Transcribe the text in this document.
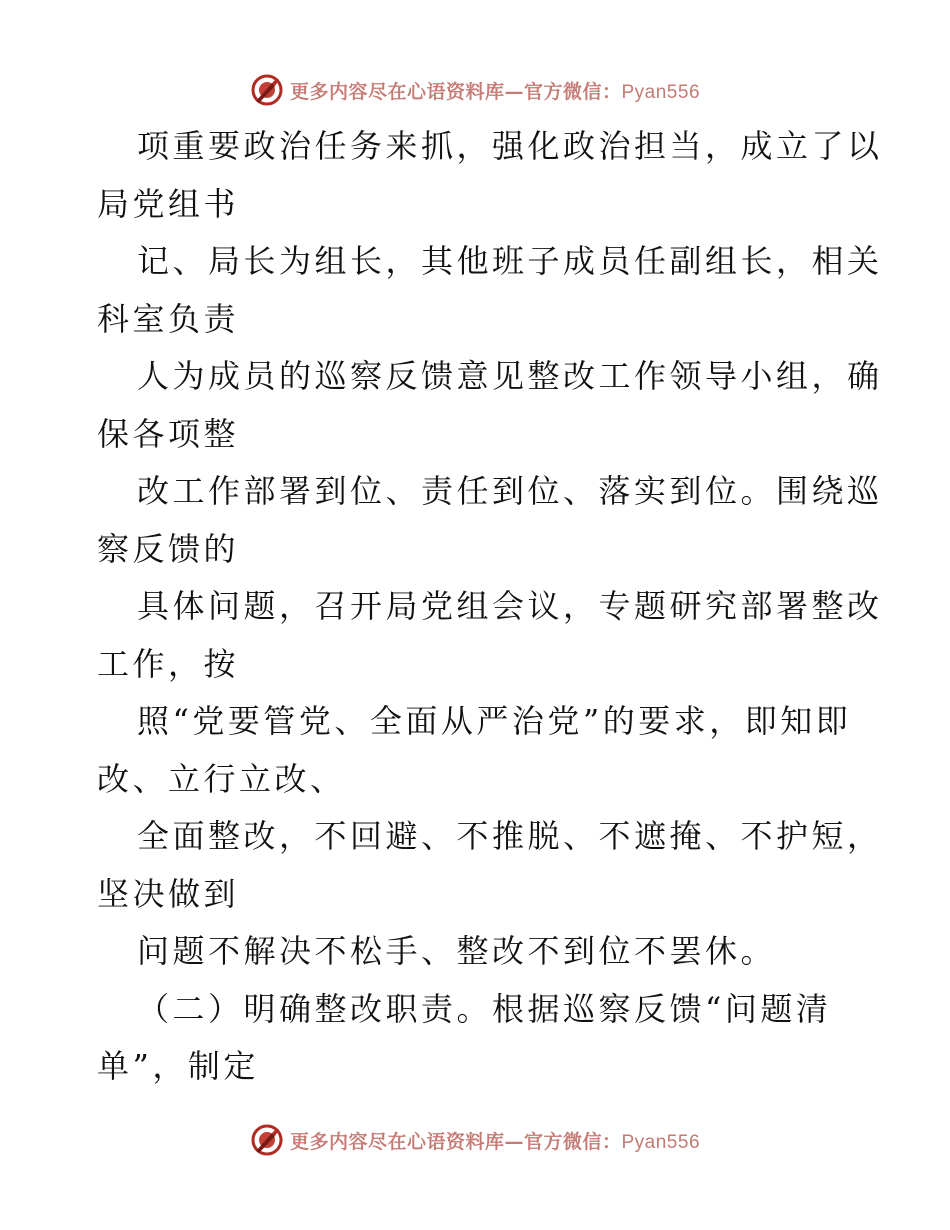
更多内容尽在心语资料库—官方微信：Pyan556
项重要政治任务来抓，强化政治担当，成立了以
局党组书
记、局长为组长，其他班子成员任副组长，相关
科室负责
人为成员的巡察反馈意见整改工作领导小组，确
保各项整
改工作部署到位、责任到位、落实到位。围绕巡
察反馈的
具体问题，召开局党组会议，专题研究部署整改
工作，按
照“党要管党、全面从严治党”的要求，即知即
改、立行立改、
全面整改，不回避、不推脱、不遮掩、不护短，
坚决做到
问题不解决不松手、整改不到位不罢休。
（二）明确整改职责。根据巡察反馈“问题清
单”，制定
更多内容尽在心语资料库—官方微信：Pyan556
